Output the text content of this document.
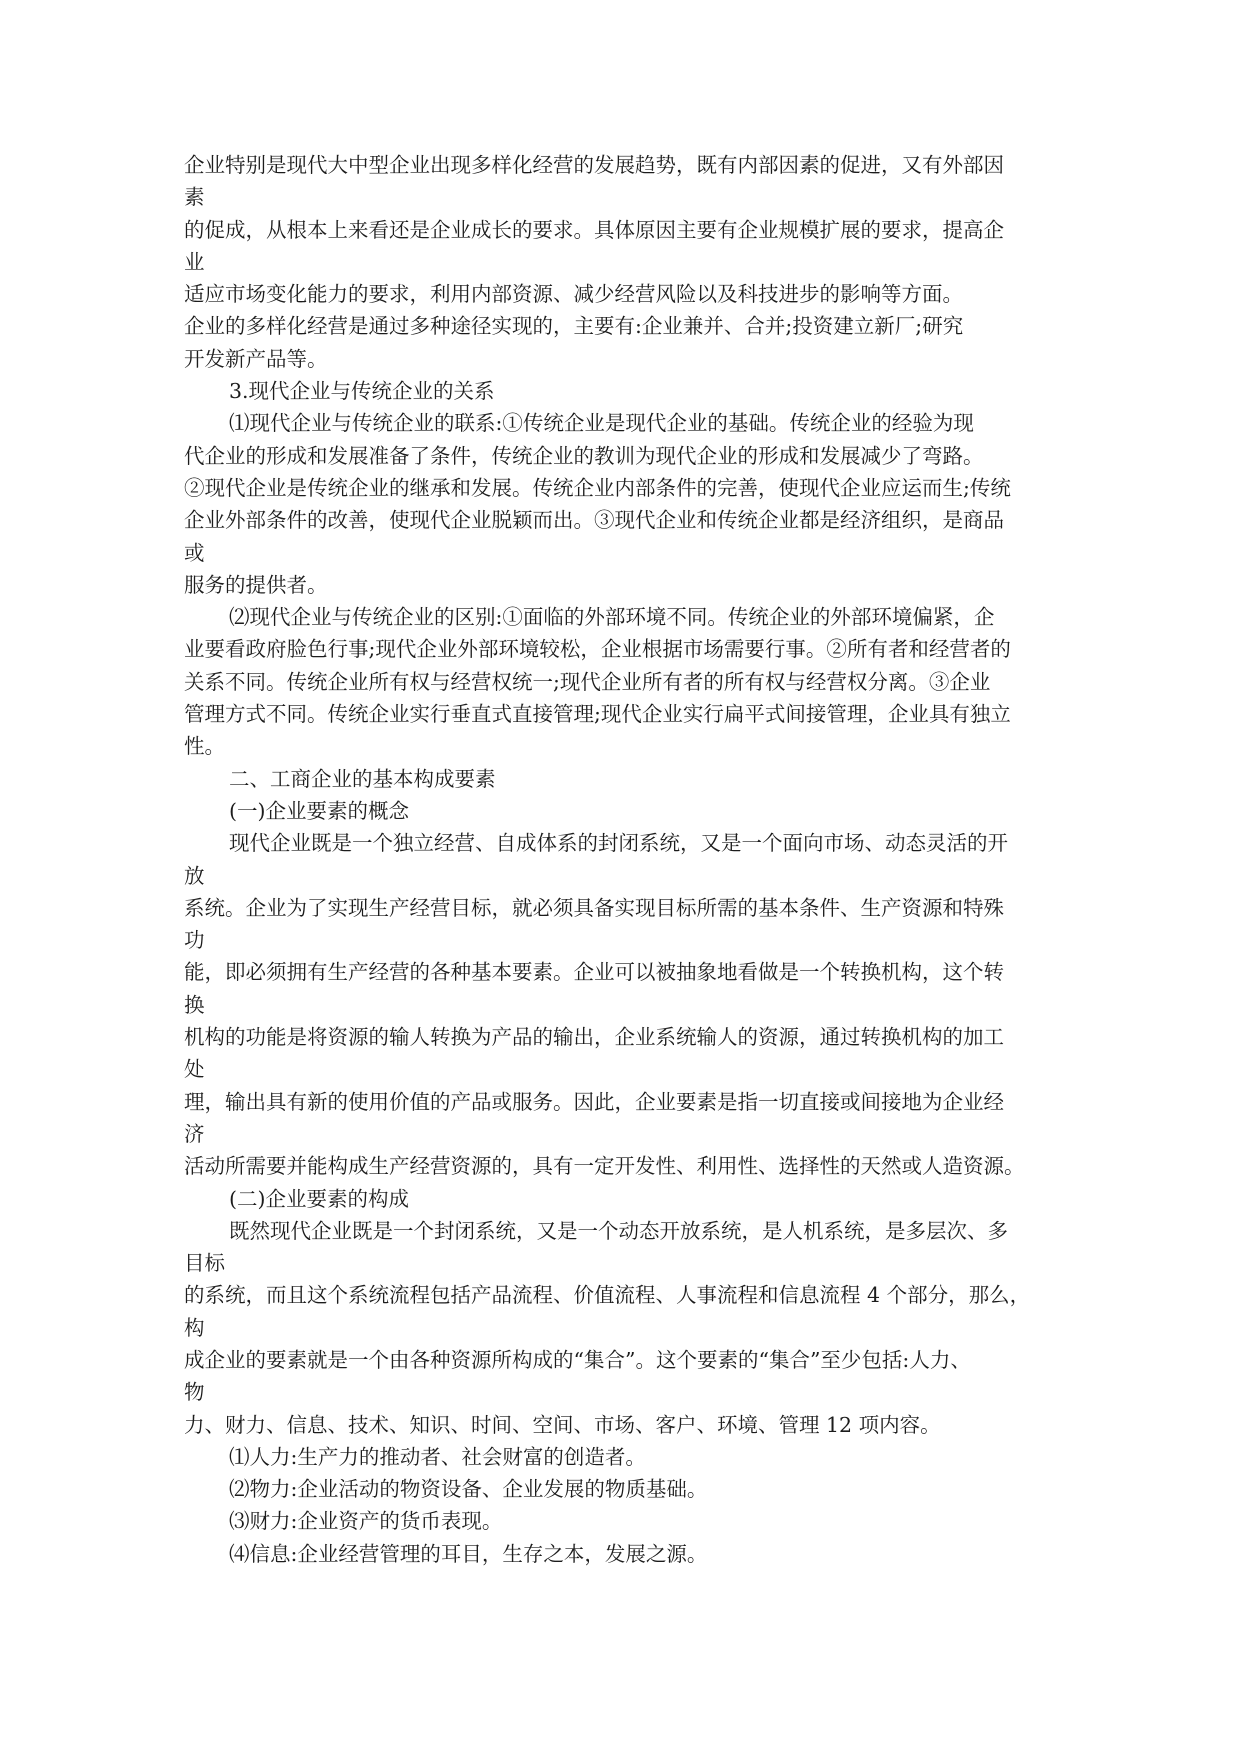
企业特别是现代大中型企业出现多样化经营的发展趋势，既有内部因素的促进，又有外部因
素
的促成，从根本上来看还是企业成长的要求。具体原因主要有企业规模扩展的要求，提高企
业
适应市场变化能力的要求，利用内部资源、减少经营风险以及科技进步的影响等方面。
企业的多样化经营是通过多种途径实现的，主要有:企业兼并、合并;投资建立新厂;研究
开发新产品等。
3.现代企业与传统企业的关系
⑴现代企业与传统企业的联系:①传统企业是现代企业的基础。传统企业的经验为现
代企业的形成和发展准备了条件，传统企业的教训为现代企业的形成和发展减少了弯路。
②现代企业是传统企业的继承和发展。传统企业内部条件的完善，使现代企业应运而生;传统
企业外部条件的改善，使现代企业脱颖而出。③现代企业和传统企业都是经济组织，是商品
或
服务的提供者。
⑵现代企业与传统企业的区别:①面临的外部环境不同。传统企业的外部环境偏紧，企
业要看政府脸色行事;现代企业外部环境较松，企业根据市场需要行事。②所有者和经营者的
关系不同。传统企业所有权与经营权统一;现代企业所有者的所有权与经营权分离。③企业
管理方式不同。传统企业实行垂直式直接管理;现代企业实行扁平式间接管理，企业具有独立
性。
二、工商企业的基本构成要素
(一)企业要素的概念
现代企业既是一个独立经营、自成体系的封闭系统，又是一个面向市场、动态灵活的开
放
系统。企业为了实现生产经营目标，就必须具备实现目标所需的基本条件、生产资源和特殊
功
能，即必须拥有生产经营的各种基本要素。企业可以被抽象地看做是一个转换机构，这个转
换
机构的功能是将资源的输人转换为产品的输出，企业系统输人的资源，通过转换机构的加工
处
理，输出具有新的使用价值的产品或服务。因此，企业要素是指一切直接或间接地为企业经
济
活动所需要并能构成生产经营资源的，具有一定开发性、利用性、选择性的天然或人造资源。
(二)企业要素的构成
既然现代企业既是一个封闭系统，又是一个动态开放系统，是人机系统，是多层次、多
目标
的系统，而且这个系统流程包括产品流程、价值流程、人事流程和信息流程 4 个部分，那么，
构
成企业的要素就是一个由各种资源所构成的“集合”。这个要素的“集合”至少包括:人力、
物
力、财力、信息、技术、知识、时间、空间、市场、客户、环境、管理 12 项内容。
⑴人力:生产力的推动者、社会财富的创造者。
⑵物力:企业活动的物资设备、企业发展的物质基础。
⑶财力:企业资产的货币表现。
⑷信息:企业经营管理的耳目，生存之本，发展之源。
